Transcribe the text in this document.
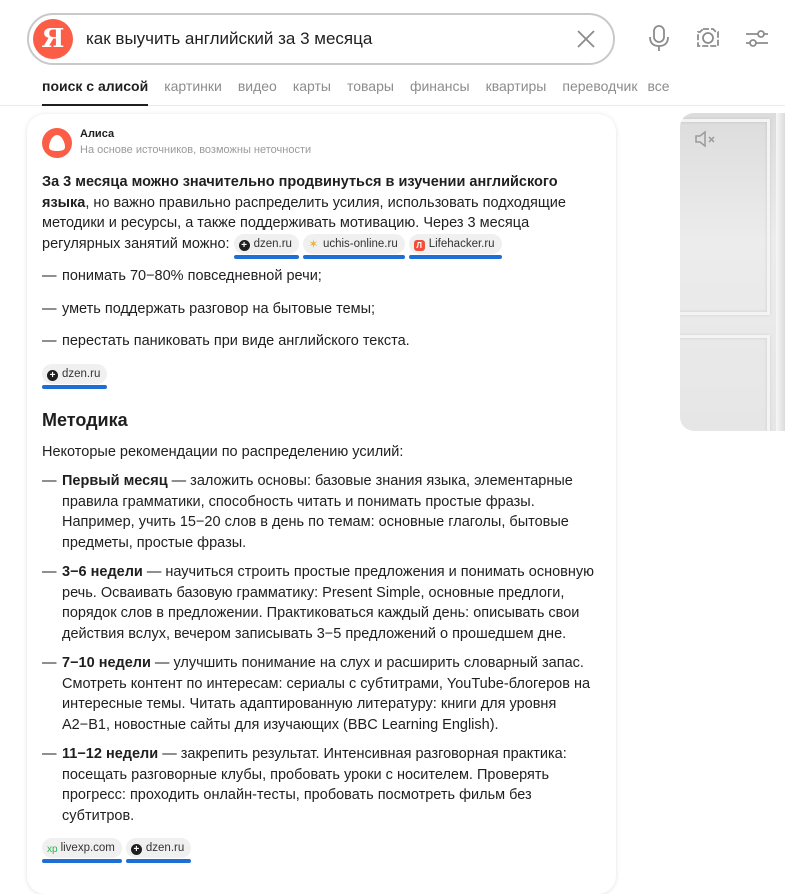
Я
как выучить английский за 3 месяца
поиск с алисой картинки видео карты товары финансы квартиры переводчик все
Алиса
На основе источников, возможны неточности
За 3 месяца можно значительно продвинуться в изучении английского языка, но важно правильно распределить усилия, использовать подходящие методики и ресурсы, а также поддерживать мотивацию. Через 3 месяца регулярных занятий можно: + dzen.ru ✶ uchis-online.ru Л Lifehacker.ru
— понимать 70−80% повседневной речи;
— уметь поддержать разговор на бытовые темы;
— перестать паниковать при виде английского текста.
+ dzen.ru
Методика
Некоторые рекомендации по распределению усилий:
— Первый месяц — заложить основы: базовые знания языка, элементарные правила грамматики, способность читать и понимать простые фразы. Например, учить 15−20 слов в день по темам: основные глаголы, бытовые предметы, простые фразы.
— 3−6 недели — научиться строить простые предложения и понимать основную речь. Осваивать базовую грамматику: Present Simple, основные предлоги, порядок слов в предложении. Практиковаться каждый день: описывать свои действия вслух, вечером записывать 3−5 предложений о прошедшем дне.
— 7−10 недели — улучшить понимание на слух и расширить словарный запас. Смотреть контент по интересам: сериалы с субтитрами, YouTube-блогеров на интересные темы. Читать адаптированную литературу: книги для уровня A2−B1, новостные сайты для изучающих (BBC Learning English).
— 11−12 недели — закрепить результат. Интенсивная разговорная практика: посещать разговорные клубы, пробовать уроки с носителем. Проверять прогресс: проходить онлайн-тесты, пробовать посмотреть фильм без субтитров.
xp livexp.com + dzen.ru
